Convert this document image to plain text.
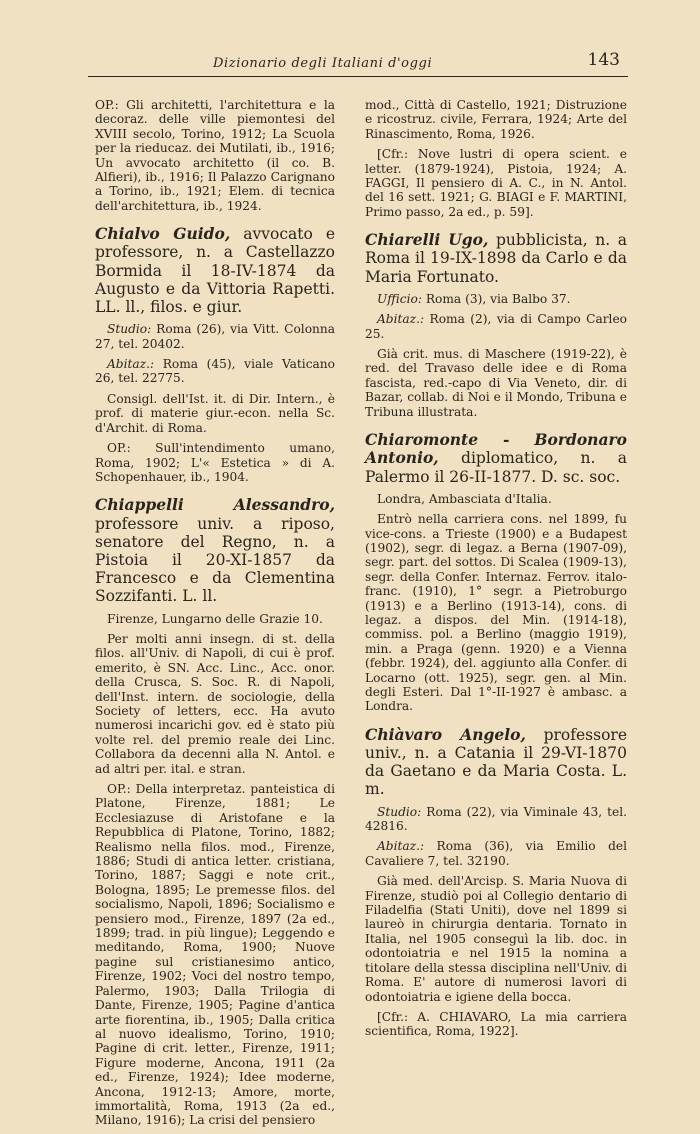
Dizionario degli Italiani d'oggi	143

OP.: Gli architetti, l'architettura e la decoraz. delle ville piemontesi del XVIII secolo, Torino, 1912; La Scuola per la rieducaz. dei Mutilati, ib., 1916; Un avvocato architetto (il co. B. Alfieri), ib., 1916; Il Palazzo Carignano a Torino, ib., 1921; Elem. di tecnica dell'architettura, ib., 1924.

Chialvo Guido, avvocato e professore, n. a Castellazzo Bormida il 18-IV-1874 da Augusto e da Vittoria Rapetti. LL. ll., filos. e giur.

Studio: Roma (26), via Vitt. Colonna 27, tel. 20402.

Abitaz.: Roma (45), viale Vaticano 26, tel. 22775.

Consigl. dell'Ist. it. di Dir. Intern., è prof. di materie giur.-econ. nella Sc. d'Archit. di Roma.

OP.: Sull'intendimento umano, Roma, 1902; L'« Estetica » di A. Schopenhauer, ib., 1904.

Chiappelli Alessandro, professore univ. a riposo, senatore del Regno, n. a Pistoia il 20-XI-1857 da Francesco e da Clementina Sozzifanti. L. ll.

Firenze, Lungarno delle Grazie 10.

Per molti anni insegn. di st. della filos. all'Univ. di Napoli, di cui è prof. emerito, è SN. Acc. Linc., Acc. onor. della Crusca, S. Soc. R. di Napoli, dell'Inst. intern. de sociologie, della Society of letters, ecc. Ha avuto numerosi incarichi gov. ed è stato più volte rel. del premio reale dei Linc. Collabora da decenni alla N. Antol. e ad altri per. ital. e stran.

OP.: Della interpretaz. panteistica di Platone, Firenze, 1881; Le Ecclesiazuse di Aristofane e la Repubblica di Platone, Torino, 1882; Realismo nella filos. mod., Firenze, 1886; Studi di antica letter. cristiana, Torino, 1887; Saggi e note crit., Bologna, 1895; Le premesse filos. del socialismo, Napoli, 1896; Socialismo e pensiero mod., Firenze, 1897 (2a ed., 1899; trad. in più lingue); Leggendo e meditando, Roma, 1900; Nuove pagine sul cristianesimo antico, Firenze, 1902; Voci del nostro tempo, Palermo, 1903; Dalla Trilogia di Dante, Firenze, 1905; Pagine d'antica arte fiorentina, ib., 1905; Dalla critica al nuovo idealismo, Torino, 1910; Pagine di crit. letter., Firenze, 1911; Figure moderne, Ancona, 1911 (2a ed., Firenze, 1924); Idee moderne, Ancona, 1912-13; Amore, morte, immortalità, Roma, 1913 (2a ed., Milano, 1916); La crisi del pensiero

mod., Città di Castello, 1921; Distruzione e ricostruz. civile, Ferrara, 1924; Arte del Rinascimento, Roma, 1926.

[Cfr.: Nove lustri di opera scient. e letter. (1879-1924), Pistoia, 1924; A. FAGGI, Il pensiero di A. C., in N. Antol. del 16 sett. 1921; G. BIAGI e F. MARTINI, Primo passo, 2a ed., p. 59].

Chiarelli Ugo, pubblicista, n. a Roma il 19-IX-1898 da Carlo e da Maria Fortunato.

Ufficio: Roma (3), via Balbo 37.

Abitaz.: Roma (2), via di Campo Carleo 25.

Già crit. mus. di Maschere (1919-22), è red. del Travaso delle idee e di Roma fascista, red.-capo di Via Veneto, dir. di Bazar, collab. di Noi e il Mondo, Tribuna e Tribuna illustrata.

Chiaromonte - Bordonaro Antonio, diplomatico, n. a Palermo il 26-II-1877. D. sc. soc.

Londra, Ambasciata d'Italia.

Entrò nella carriera cons. nel 1899, fu vice-cons. a Trieste (1900) e a Budapest (1902), segr. di legaz. a Berna (1907-09), segr. part. del sottos. Di Scalea (1909-13), segr. della Confer. Internaz. Ferrov. italo-franc. (1910), 1° segr. a Pietroburgo (1913) e a Berlino (1913-14), cons. di legaz. a dispos. del Min. (1914-18), commiss. pol. a Berlino (maggio 1919), min. a Praga (genn. 1920) e a Vienna (febbr. 1924), del. aggiunto alla Confer. di Locarno (ott. 1925), segr. gen. al Min. degli Esteri. Dal 1°-II-1927 è ambasc. a Londra.

Chiàvaro Angelo, professore univ., n. a Catania il 29-VI-1870 da Gaetano e da Maria Costa. L. m.

Studio: Roma (22), via Viminale 43, tel. 42816.

Abitaz.: Roma (36), via Emilio del Cavaliere 7, tel. 32190.

Già med. dell'Arcisp. S. Maria Nuova di Firenze, studiò poi al Collegio dentario di Filadelfia (Stati Uniti), dove nel 1899 si laureò in chirurgia dentaria. Tornato in Italia, nel 1905 conseguì la lib. doc. in odontoiatria e nel 1915 la nomina a titolare della stessa disciplina nell'Univ. di Roma. E' autore di numerosi lavori di odontoiatria e igiene della bocca.

[Cfr.: A. CHIAVARO, La mia carriera scientifica, Roma, 1922].
